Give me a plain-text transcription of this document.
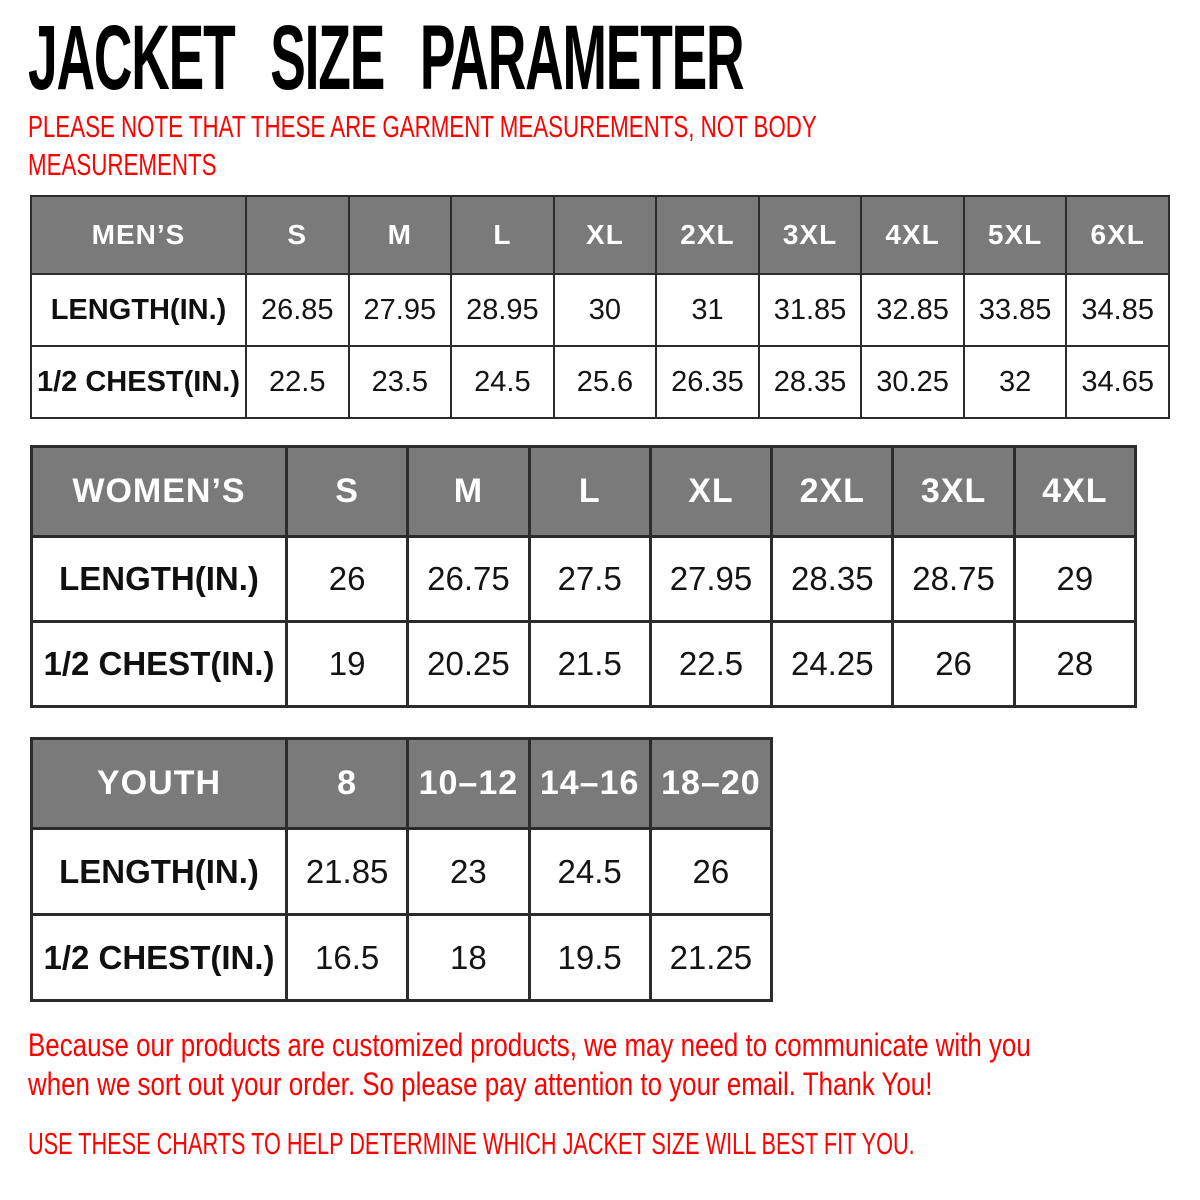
JACKET SIZE PARAMETER
PLEASE NOTE THAT THESE ARE GARMENT MEASUREMENTS, NOT BODY
MEASUREMENTS
MEN’S	S	M	L	XL	2XL	3XL	4XL	5XL	6XL
LENGTH(IN.)	26.85	27.95	28.95	30	31	31.85	32.85	33.85	34.85
1/2 CHEST(IN.)	22.5	23.5	24.5	25.6	26.35	28.35	30.25	32	34.65
WOMEN’S	S	M	L	XL	2XL	3XL	4XL
LENGTH(IN.)	26	26.75	27.5	27.95	28.35	28.75	29
1/2 CHEST(IN.)	19	20.25	21.5	22.5	24.25	26	28
YOUTH	8	10–12	14–16	18–20
LENGTH(IN.)	21.85	23	24.5	26
1/2 CHEST(IN.)	16.5	18	19.5	21.25
Because our products are customized products, we may need to communicate with you
when we sort out your order. So please pay attention to your email. Thank You!
USE THESE CHARTS TO HELP DETERMINE WHICH JACKET SIZE WILL BEST FIT YOU.
